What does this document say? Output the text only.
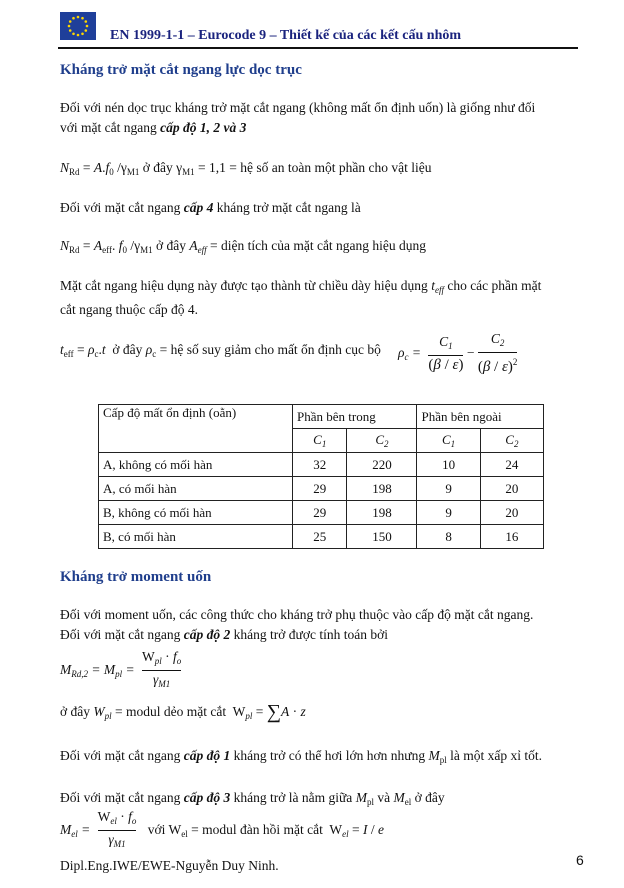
EN 1999-1-1 – Eurocode 9 – Thiết kế của các kết cấu nhôm
Kháng trở mặt cắt ngang lực dọc trục
Đối với nén dọc trục kháng trở mặt cắt ngang (không mất ổn định uốn) là giống như đối
với mặt cắt ngang cấp độ 1, 2 và 3
$N_{Rd} = A.f_0$ $/\gamma_{M1}$ ở đây $\gamma_{M1} = 1,1$ = hệ số an toàn một phần cho vật liệu
Đối với mặt cắt ngang cấp 4 kháng trở mặt cắt ngang là
$N_{Rd} = A_{eff}$. $f_0$ $/\gamma_{M1}$ ở đây $A_{eff}$ = diện tích của mặt cắt ngang hiệu dụng
Mặt cắt ngang hiệu dụng này được tạo thành từ chiều dày hiệu dụng $t_{eff}$ cho các phần mặt
cắt ngang thuộc cấp độ 4.
$t_{eff} = \rho_c.t$  ở đây $\rho_c$ = hệ số suy giảm cho mất ổn định cục bộ $\rho_c = \frac{C_1}{(\beta / \varepsilon)} - \frac{C_2}{(\beta / \varepsilon)^2}$
Cấp độ mất ổn định (oằn)	Phần bên trong		Phần bên ngoài	
	$C_1$	$C_2$	$C_1$	$C_2$
A, không có mối hàn	32	220	10	24
A, có mối hàn	29	198	9	20
B, không có mối hàn	29	198	9	20
B, có mối hàn	25	150	8	16
Kháng trở moment uốn
Đối với moment uốn, các công thức cho kháng trở phụ thuộc vào cấp độ mặt cắt ngang.
Đối với mặt cắt ngang cấp độ 2 kháng trở được tính toán bởi
$M_{Rd,2} = M_{pl} = \frac{W_{pl} \cdot f_o}{\gamma_{M1}}$
ở đây $W_{pl}$ = modul dẻo mặt cắt  $W_{pl} = \sum A \cdot z$
Đối với mặt cắt ngang cấp độ 1 kháng trở có thể hơi lớn hơn nhưng $M_{pl}$ là một xấp xỉ tốt.
Đối với mặt cắt ngang cấp độ 3 kháng trở là nằm giữa $M_{pl}$ và $M_{el}$ ở đây
$M_{el} = \frac{W_{el} \cdot f_o}{\gamma_{M1}}$ với $W_{el}$ = modul đàn hồi mặt cắt  $W_{el} = I / e$
Dipl.Eng.IWE/EWE-Nguyễn Duy Ninh.	6
